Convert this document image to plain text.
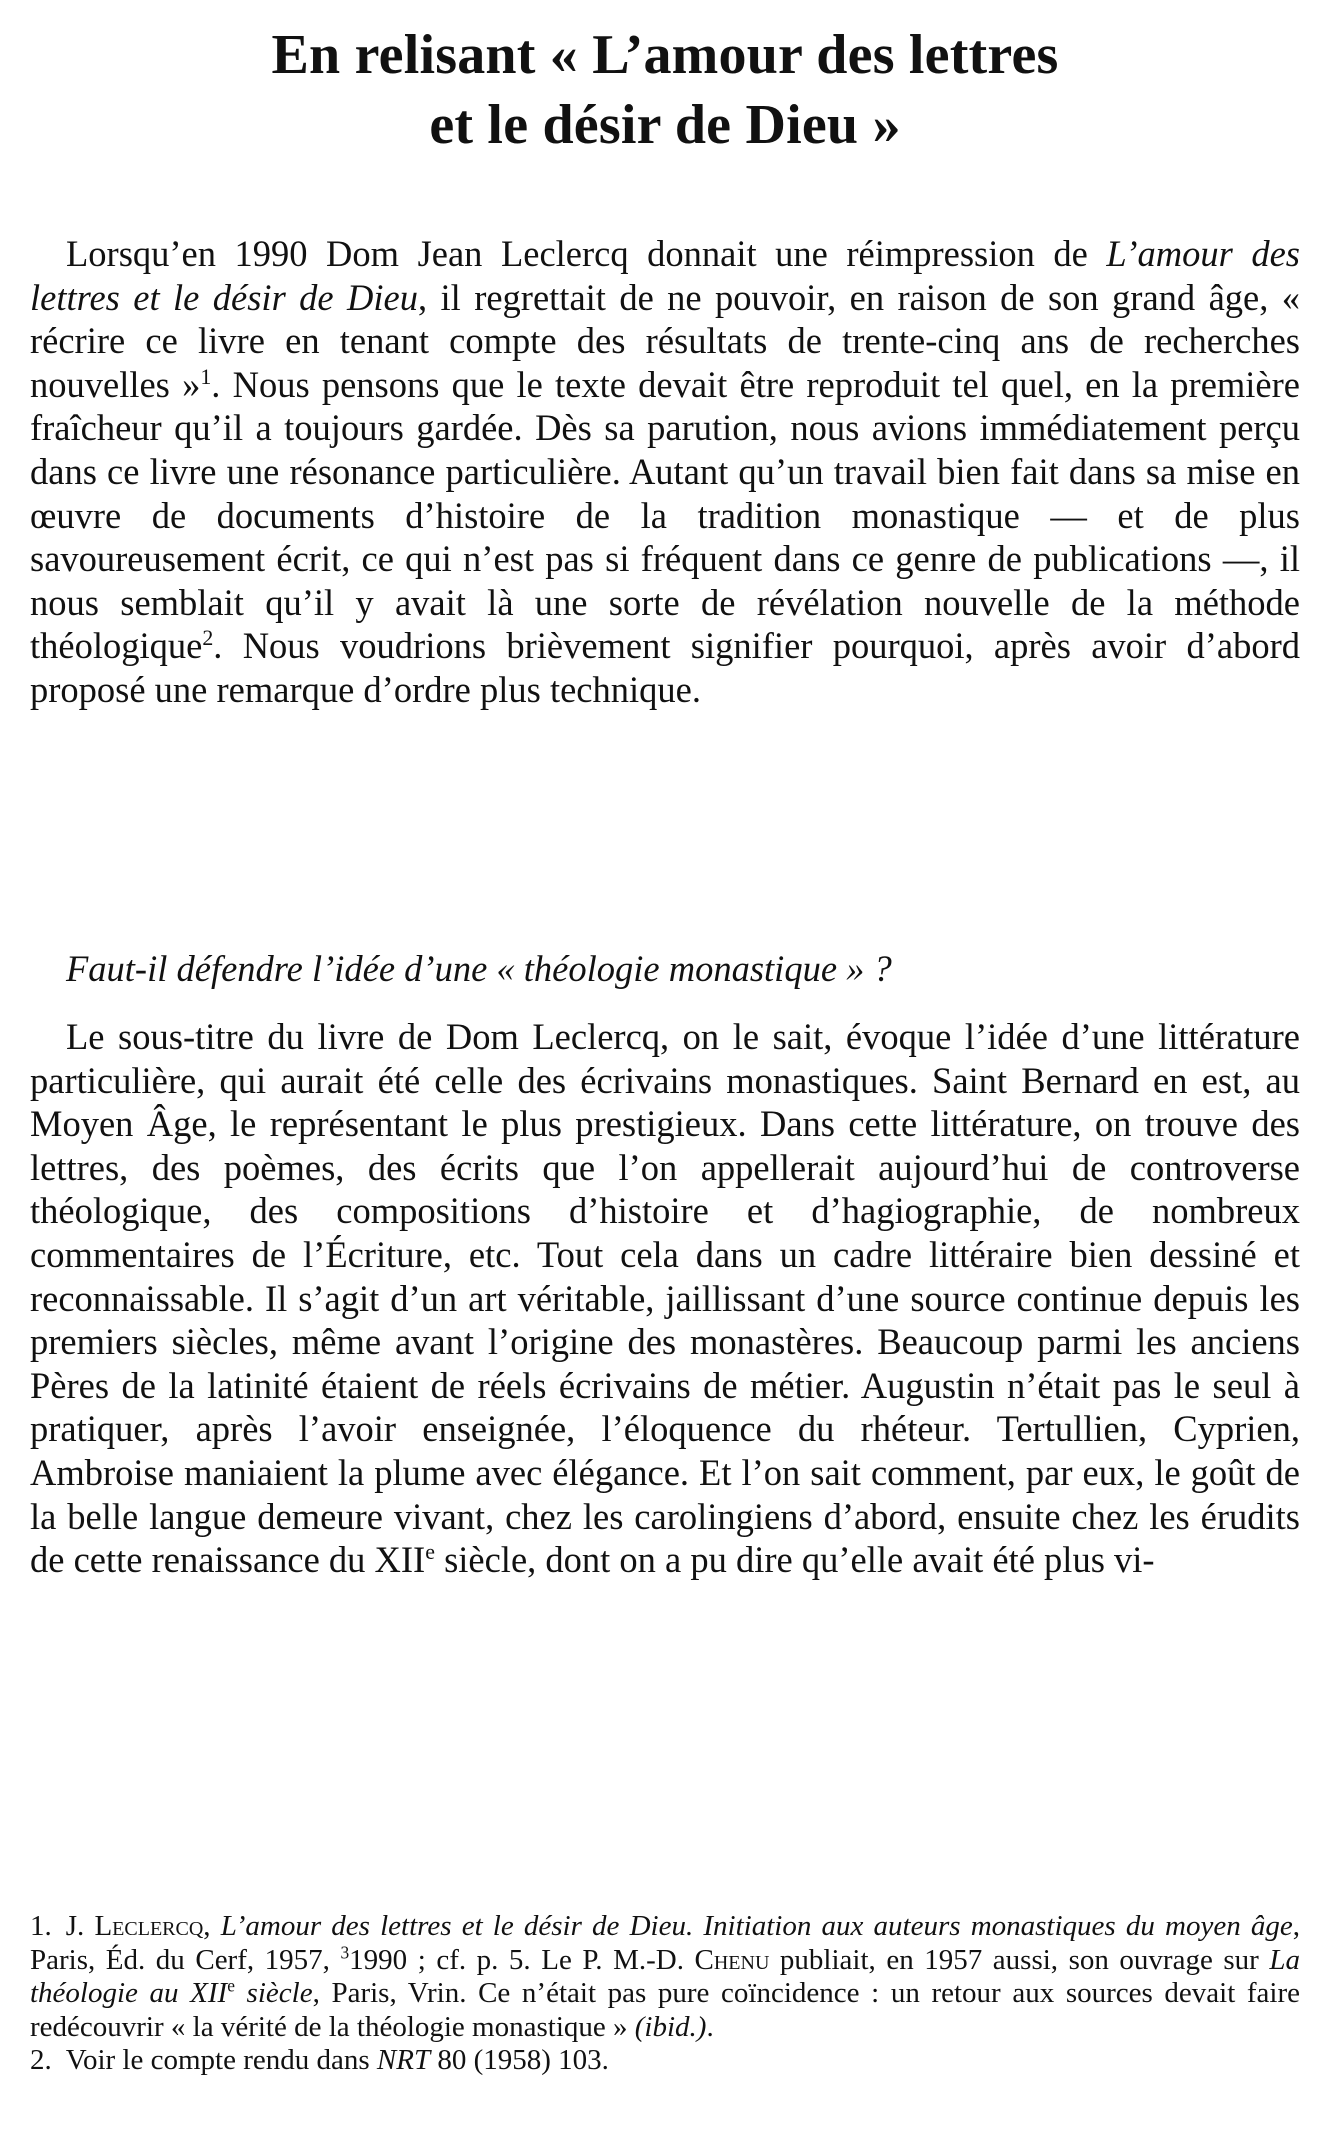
En relisant « L’amour des lettres
et le désir de Dieu »

Lorsqu’en 1990 Dom Jean Leclercq donnait une réimpression de L’amour des lettres et le désir de Dieu, il regrettait de ne pouvoir, en raison de son grand âge, « récrire ce livre en tenant compte des résultats de trente-cinq ans de recherches nouvelles »$^1$. Nous pensons que le texte devait être reproduit tel quel, en la première fraîcheur qu’il a toujours gardée. Dès sa parution, nous avions immédiatement perçu dans ce livre une résonance particulière. Autant qu’un travail bien fait dans sa mise en œuvre de documents d’histoire de la tradition monastique — et de plus savoureusement écrit, ce qui n’est pas si fréquent dans ce genre de publications —, il nous semblait qu’il y avait là une sorte de révélation nouvelle de la méthode théologique$^2$. Nous voudrions brièvement signifier pourquoi, après avoir d’abord proposé une remarque d’ordre plus technique.

Faut-il défendre l’idée d’une « théologie monastique » ?

Le sous-titre du livre de Dom Leclercq, on le sait, évoque l’idée d’une littérature particulière, qui aurait été celle des écrivains monastiques. Saint Bernard en est, au Moyen Âge, le représentant le plus prestigieux. Dans cette littérature, on trouve des lettres, des poèmes, des écrits que l’on appellerait aujourd’hui de controverse théologique, des compositions d’histoire et d’hagiographie, de nombreux commentaires de l’Écriture, etc. Tout cela dans un cadre littéraire bien dessiné et reconnaissable. Il s’agit d’un art véritable, jaillissant d’une source continue depuis les premiers siècles, même avant l’origine des monastères. Beaucoup parmi les anciens Pères de la latinité étaient de réels écrivains de métier. Augustin n’était pas le seul à pratiquer, après l’avoir enseignée, l’éloquence du rhéteur. Tertullien, Cyprien, Ambroise maniaient la plume avec élégance. Et l’on sait comment, par eux, le goût de la belle langue demeure vivant, chez les carolingiens d’abord, ensuite chez les érudits de cette renaissance du XIIe siècle, dont on a pu dire qu’elle avait été plus vi-

1. J. Leclercq, L’amour des lettres et le désir de Dieu. Initiation aux auteurs monastiques du moyen âge, Paris, Éd. du Cerf, 1957, $^3$1990 ; cf. p. 5. Le P. M.-D. Chenu publiait, en 1957 aussi, son ouvrage sur La théologie au XIIe siècle, Paris, Vrin. Ce n’était pas pure coïncidence : un retour aux sources devait faire redécouvrir « la vérité de la théologie monastique » (ibid.).

2. Voir le compte rendu dans NRT 80 (1958) 103.
